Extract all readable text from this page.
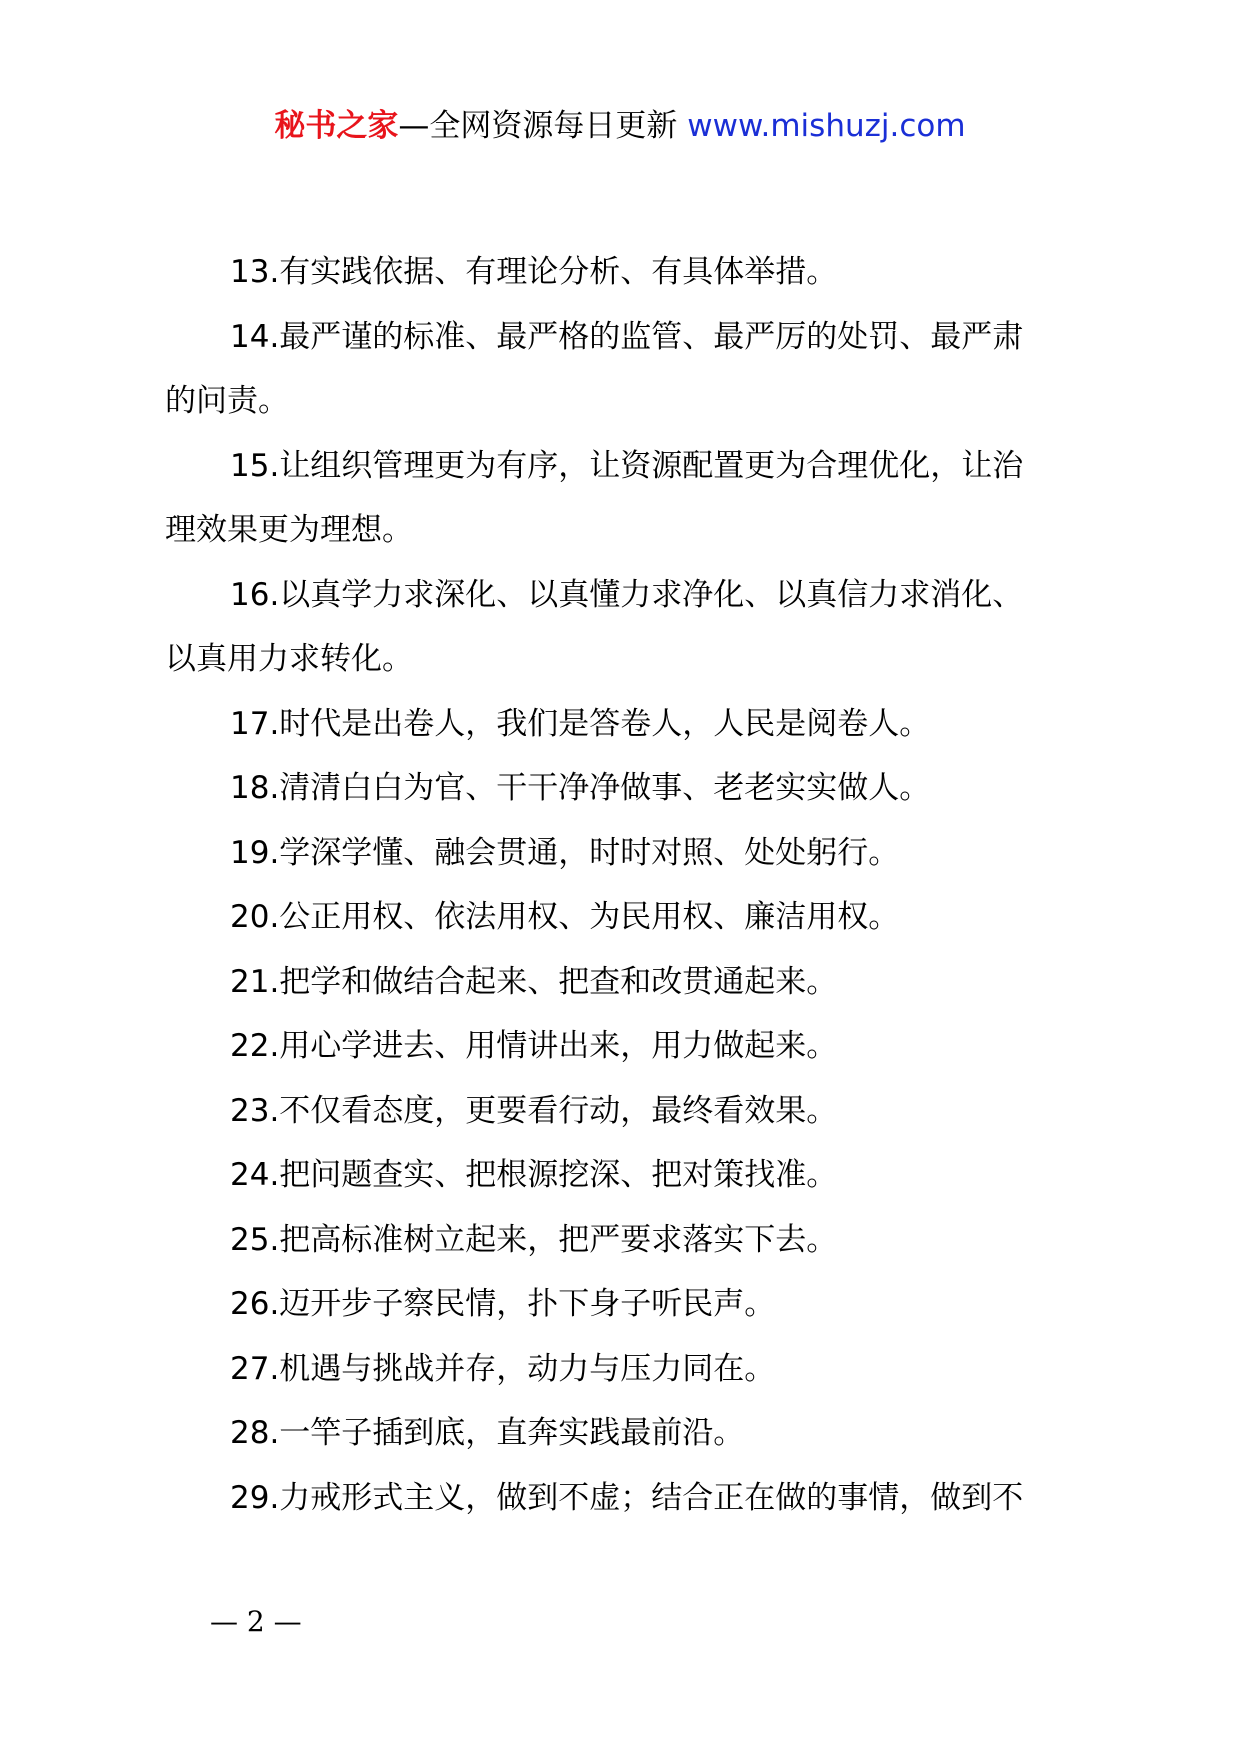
秘书之家—全网资源每日更新 www.mishuzj.com
13.有实践依据、有理论分析、有具体举措。
14.最严谨的标准、最严格的监管、最严厉的处罚、最严肃
的问责。
15.让组织管理更为有序，让资源配置更为合理优化，让治
理效果更为理想。
16.以真学力求深化、以真懂力求净化、以真信力求消化、
以真用力求转化。
17.时代是出卷人，我们是答卷人，人民是阅卷人。
18.清清白白为官、干干净净做事、老老实实做人。
19.学深学懂、融会贯通，时时对照、处处躬行。
20.公正用权、依法用权、为民用权、廉洁用权。
21.把学和做结合起来、把查和改贯通起来。
22.用心学进去、用情讲出来，用力做起来。
23.不仅看态度，更要看行动，最终看效果。
24.把问题查实、把根源挖深、把对策找准。
25.把高标准树立起来，把严要求落实下去。
26.迈开步子察民情，扑下身子听民声。
27.机遇与挑战并存，动力与压力同在。
28.一竿子插到底，直奔实践最前沿。
29.力戒形式主义，做到不虚；结合正在做的事情，做到不
— 2 —
